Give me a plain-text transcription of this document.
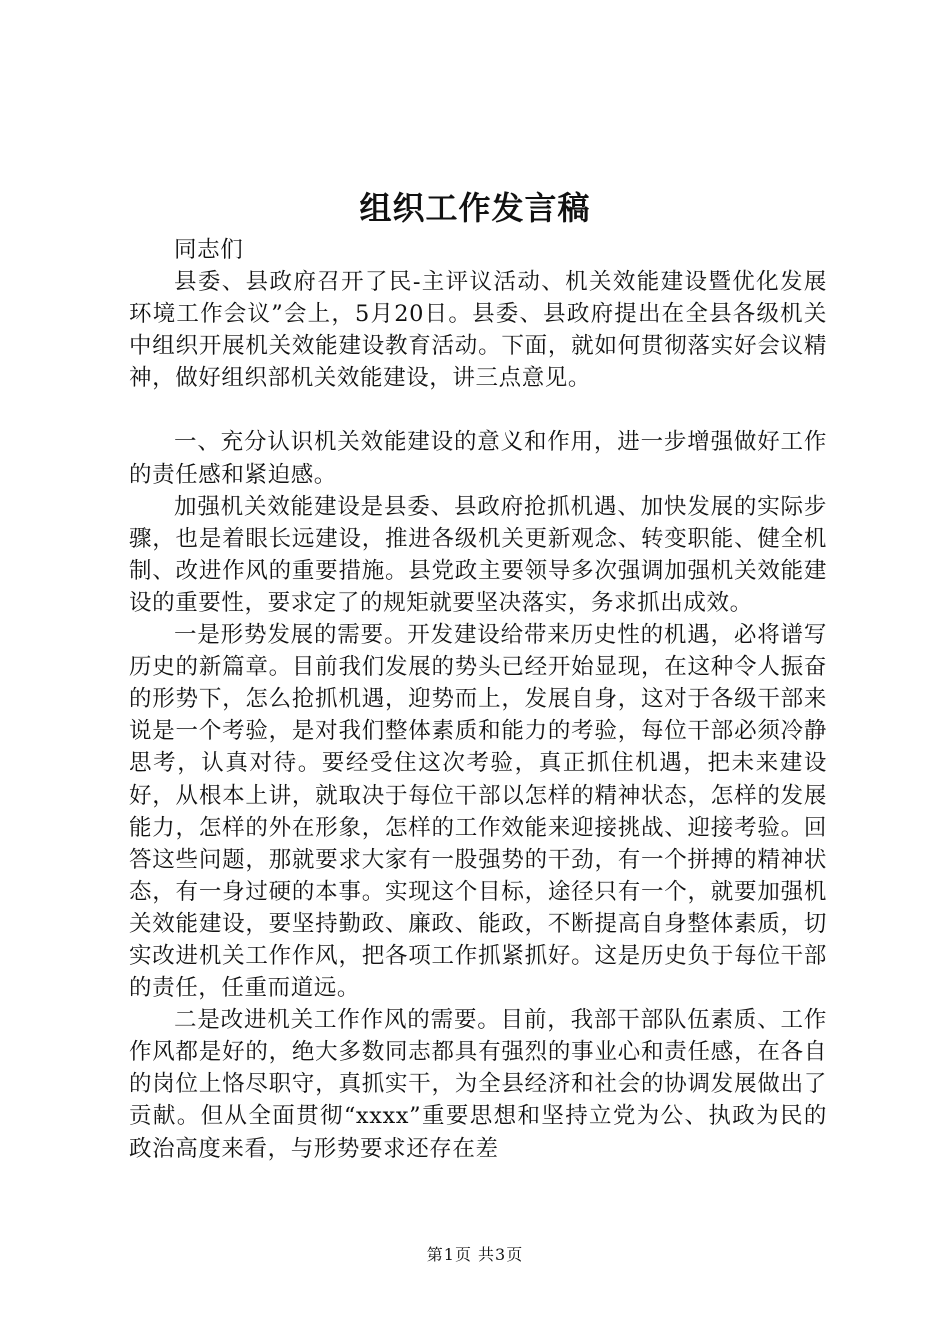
组织工作发言稿

同志们

县委、县政府召开了民-主评议活动、机关效能建设暨优化发展环境工作会议”会上，5月20日。县委、县政府提出在全县各级机关中组织开展机关效能建设教育活动。下面，就如何贯彻落实好会议精神，做好组织部机关效能建设，讲三点意见。

一、充分认识机关效能建设的意义和作用，进一步增强做好工作的责任感和紧迫感。

加强机关效能建设是县委、县政府抢抓机遇、加快发展的实际步骤，也是着眼长远建设，推进各级机关更新观念、转变职能、健全机制、改进作风的重要措施。县党政主要领导多次强调加强机关效能建设的重要性，要求定了的规矩就要坚决落实，务求抓出成效。

一是形势发展的需要。开发建设给带来历史性的机遇，必将谱写历史的新篇章。目前我们发展的势头已经开始显现，在这种令人振奋的形势下，怎么抢抓机遇，迎势而上，发展自身，这对于各级干部来说是一个考验，是对我们整体素质和能力的考验，每位干部必须冷静思考，认真对待。要经受住这次考验，真正抓住机遇，把未来建设好，从根本上讲，就取决于每位干部以怎样的精神状态，怎样的发展能力，怎样的外在形象，怎样的工作效能来迎接挑战、迎接考验。回答这些问题，那就要求大家有一股强势的干劲，有一个拼搏的精神状态，有一身过硬的本事。实现这个目标，途径只有一个，就要加强机关效能建设，要坚持勤政、廉政、能政，不断提高自身整体素质，切实改进机关工作作风，把各项工作抓紧抓好。这是历史负于每位干部的责任，任重而道远。

二是改进机关工作作风的需要。目前，我部干部队伍素质、工作作风都是好的，绝大多数同志都具有强烈的事业心和责任感，在各自的岗位上恪尽职守，真抓实干，为全县经济和社会的协调发展做出了贡献。但从全面贯彻“xxxx”重要思想和坚持立党为公、执政为民的政治高度来看，与形势要求还存在差

第1页 共3页
